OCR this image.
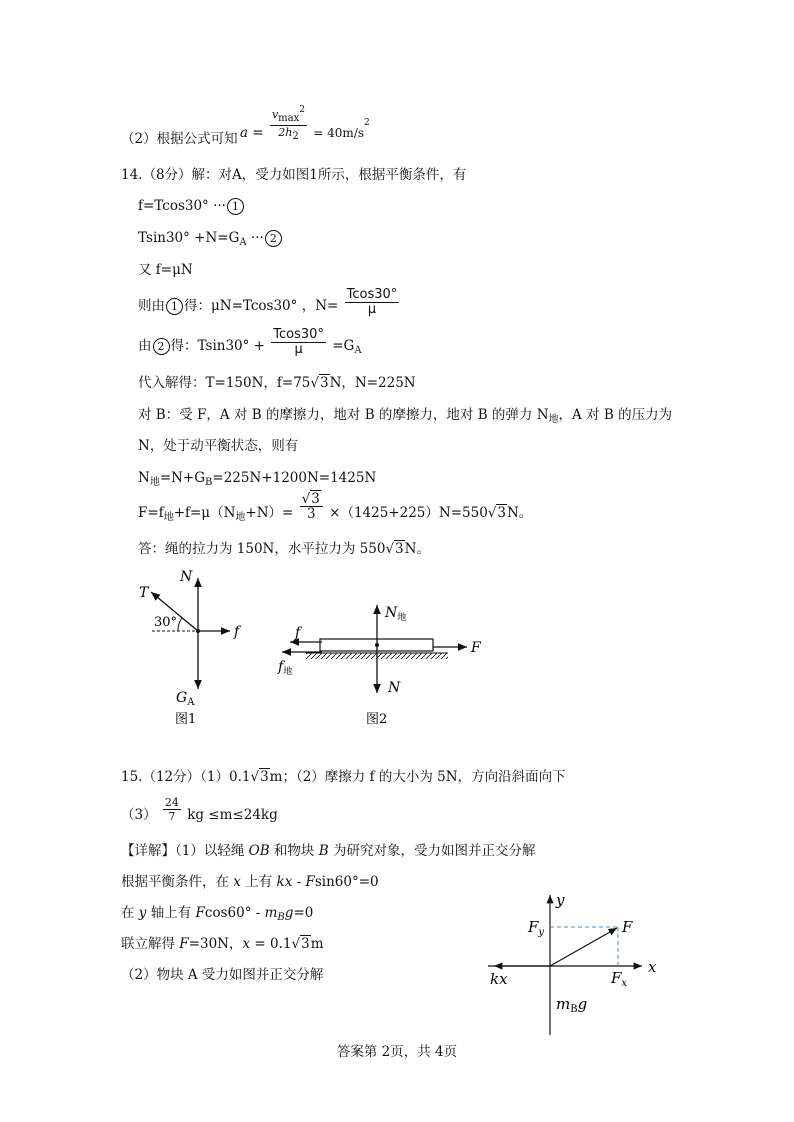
（2）根据公式可知 $a = \frac{vmax^2}{2h2} = 40m/s^2$
14.（8分）解：对A，受力如图1所示，根据平衡条件，有
f=Tcos30° ··· 1
$Tsin30^\circ +N=G_A$ ··· 2
又 f=μN
则由 1 得：μN=Tcos30° ，$N= \frac{Tcos30^\circ}{\mu}$
由 2 得：$Tsin30^\circ + \frac{Tcos30^\circ}{\mu} =G_A$
代入解得：T=150N，f=75√3N，N=225N
对 B：受 F，A 对 B 的摩擦力，地对 B 的摩擦力，地对 B 的弹力 $N_地$，A 对 B 的压力为
N，处于动平衡状态，则有
$N_地=N+G_B=225N+1200N=1425N$
$F=f_地+f=\mu(N_地+N)= \frac{√3}{3} \times(1425+225)N=550√3N$。
答：绳的拉力为 150N，水平拉力为 550√3N。
N
T
30°
f
$G_A$
图1
$N_地$
f
$f_地$
F
N
图2
15.（12分）（1）0.1√3m；（2）摩擦力 f 的大小为 5N，方向沿斜面向下
$(3) \frac{24}{7}$ kg ≤m≤24kg
【详解】（1）以轻绳 OB 和物块 B 为研究对象，受力如图并正交分解
根据平衡条件，在 x 上有 kx - Fsin60°=0
在 y 轴上有 $Fcos60^\circ - m_Bg=0$
联立解得 F=30N，x = 0.1√3m
（2）物块 A 受力如图并正交分解
y
x
$F_y$	F
kx	$F_x$
$m_Bg$
答案第 2页，共 4页
